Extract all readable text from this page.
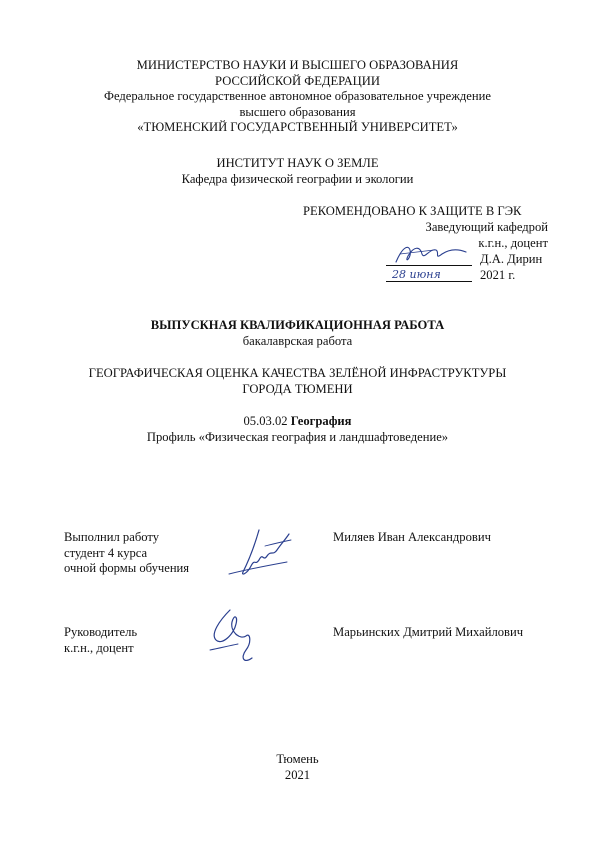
МИНИСТЕРСТВО НАУКИ И ВЫСШЕГО ОБРАЗОВАНИЯ
РОССИЙСКОЙ ФЕДЕРАЦИИ
Федеральное государственное автономное образовательное учреждение
высшего образования
«ТЮМЕНСКИЙ ГОСУДАРСТВЕННЫЙ УНИВЕРСИТЕТ»
ИНСТИТУТ НАУК О ЗЕМЛЕ
Кафедра физической географии и экологии
РЕКОМЕНДОВАНО К ЗАЩИТЕ В ГЭК
Заведующий кафедрой
к.г.н., доцент
Д.А. Дирин
2021 г.
28 июня
ВЫПУСКНАЯ КВАЛИФИКАЦИОННАЯ РАБОТА
бакалаврская работа
ГЕОГРАФИЧЕСКАЯ ОЦЕНКА КАЧЕСТВА ЗЕЛЁНОЙ ИНФРАСТРУКТУРЫ
ГОРОДА ТЮМЕНИ
05.03.02 География
Профиль «Физическая география и ландшафтоведение»
Выполнил работу
студент 4 курса
очной формы обучения
Миляев Иван Александрович
Руководитель
к.г.н., доцент
Марьинских Дмитрий Михайлович
Тюмень
2021
